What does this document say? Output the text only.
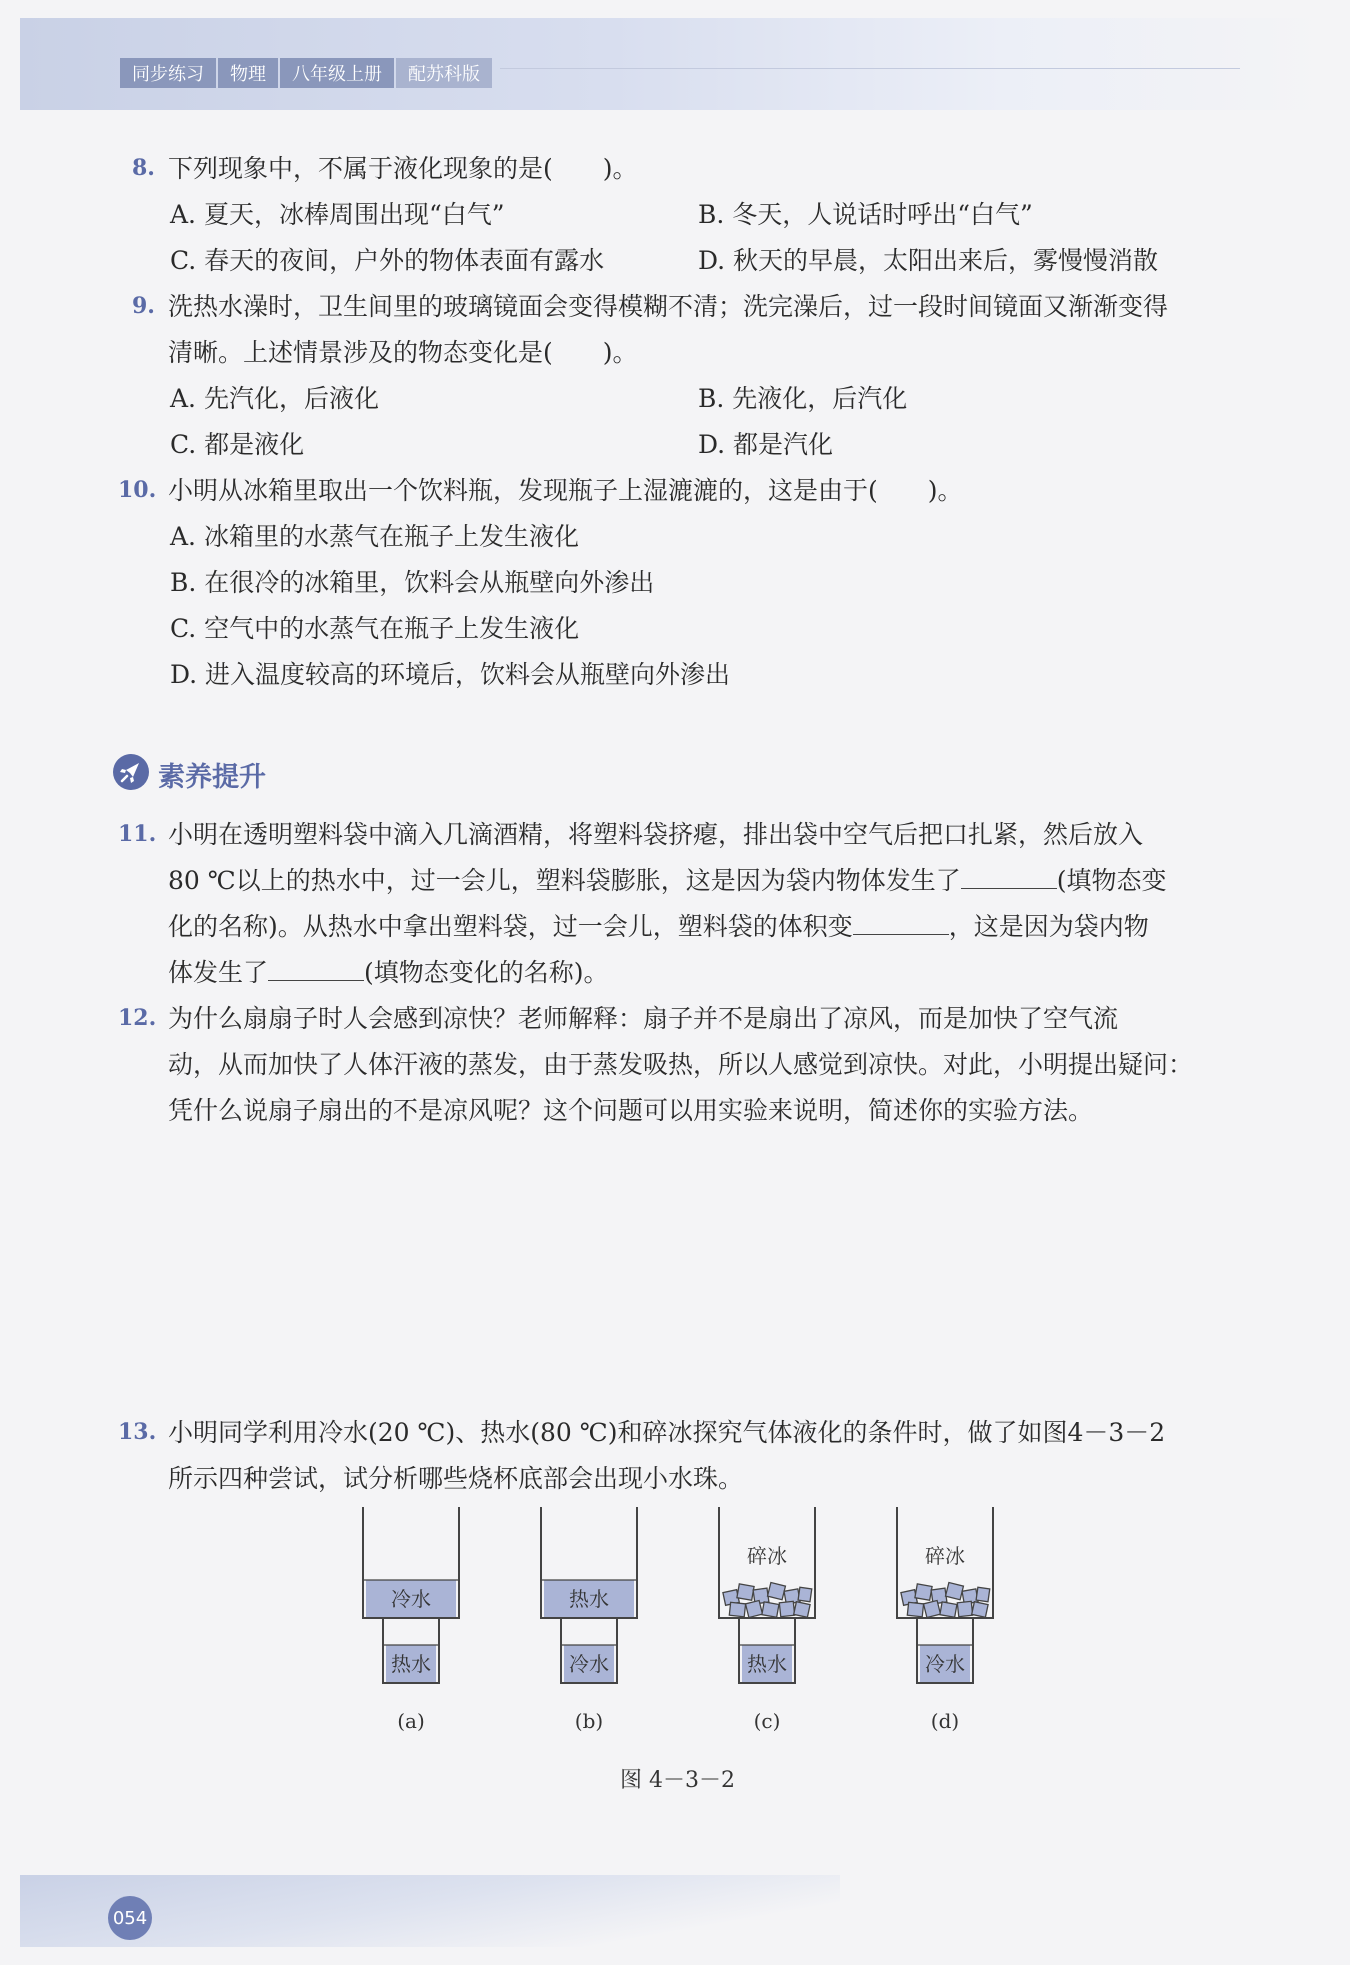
同步练习	物理	八年级上册	配苏科版
8. 下列现象中，不属于液化现象的是(　　)。
A. 夏天，冰棒周围出现“白气”	B. 冬天，人说话时呼出“白气”
C. 春天的夜间，户外的物体表面有露水	D. 秋天的早晨，太阳出来后，雾慢慢消散
9. 洗热水澡时，卫生间里的玻璃镜面会变得模糊不清；洗完澡后，过一段时间镜面又渐渐变得
清晰。上述情景涉及的物态变化是(　　)。
A. 先汽化，后液化	B. 先液化，后汽化
C. 都是液化	D. 都是汽化
10. 小明从冰箱里取出一个饮料瓶，发现瓶子上湿漉漉的，这是由于(　　)。
A. 冰箱里的水蒸气在瓶子上发生液化
B. 在很冷的冰箱里，饮料会从瓶壁向外渗出
C. 空气中的水蒸气在瓶子上发生液化
D. 进入温度较高的环境后，饮料会从瓶壁向外渗出
素养提升
11. 小明在透明塑料袋中滴入几滴酒精，将塑料袋挤瘪，排出袋中空气后把口扎紧，然后放入
80 ℃以上的热水中，过一会儿，塑料袋膨胀，这是因为袋内物体发生了	(填物态变
化的名称)。从热水中拿出塑料袋，过一会儿，塑料袋的体积变	，这是因为袋内物
体发生了	(填物态变化的名称)。
12. 为什么扇扇子时人会感到凉快？老师解释：扇子并不是扇出了凉风，而是加快了空气流
动，从而加快了人体汗液的蒸发，由于蒸发吸热，所以人感觉到凉快。对此，小明提出疑问：
凭什么说扇子扇出的不是凉风呢？这个问题可以用实验来说明，简述你的实验方法。
13. 小明同学利用冷水(20 ℃)、热水(80 ℃)和碎冰探究气体液化的条件时，做了如图4－3－2
所示四种尝试，试分析哪些烧杯底部会出现小水珠。
冷水
热水
热水
冷水
碎冰
热水
碎冰
冷水
(a)	(b)	(c)	(d)
图 4－3－2
054
